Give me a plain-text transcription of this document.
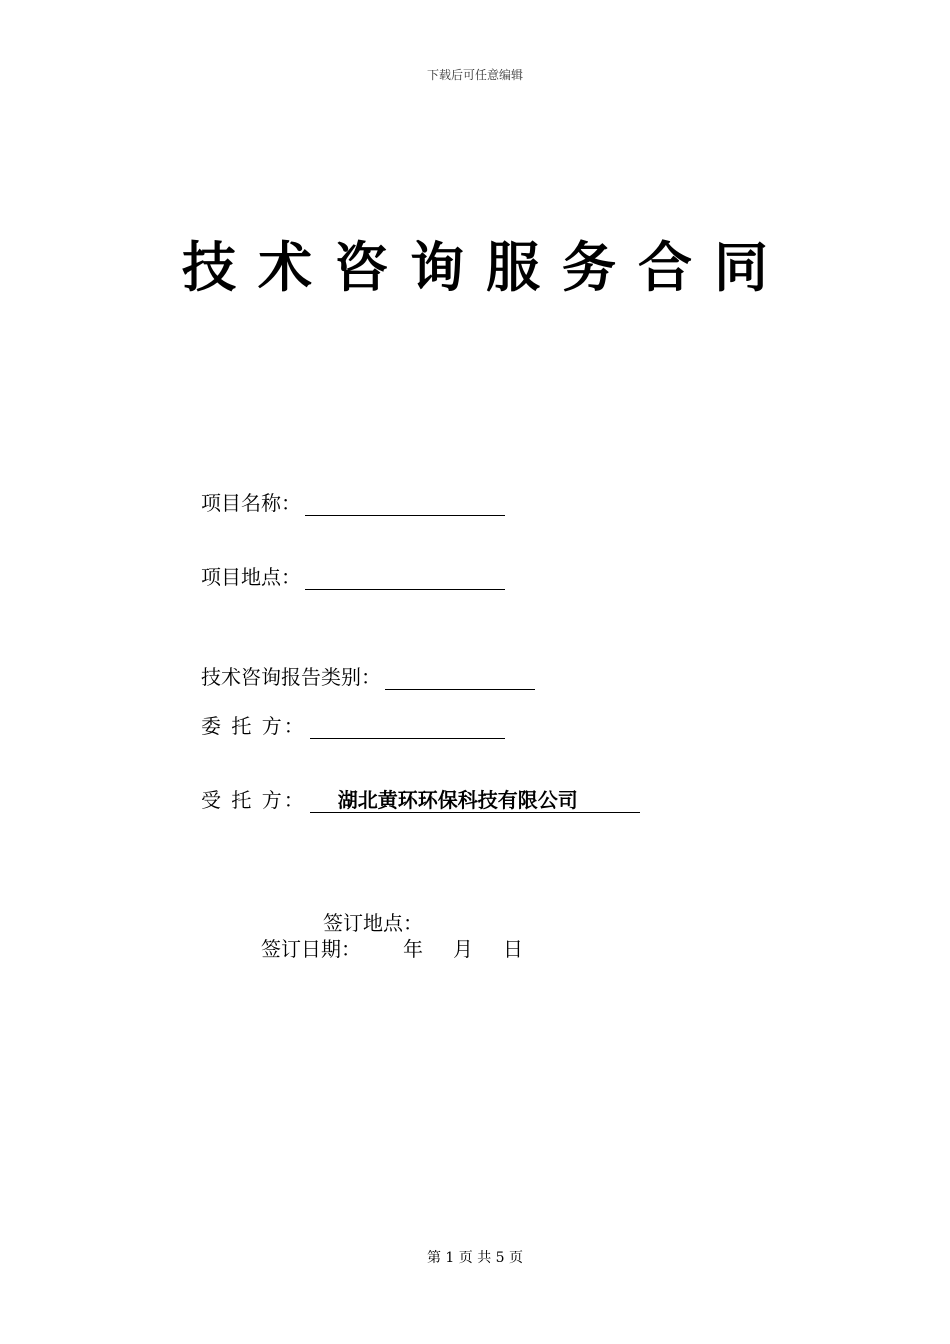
下载后可任意编辑
技术咨询服务合同
项目名称：
项目地点：
技术咨询报告类别：
委 托 方：
受 托 方：	湖北黄环环保科技有限公司
签订地点：
签订日期： 年 月 日
第 1 页 共 5 页
